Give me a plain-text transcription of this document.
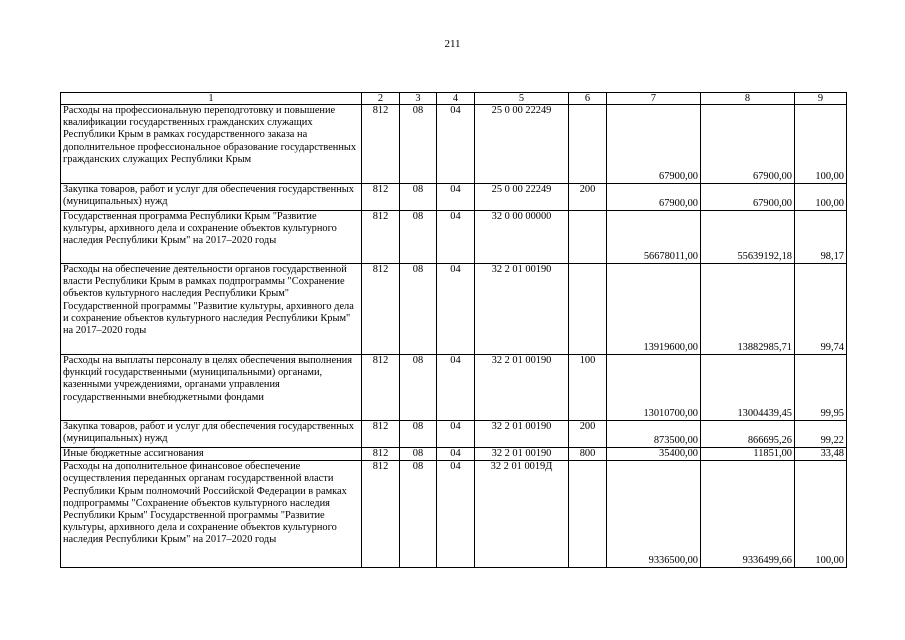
211
1	2	3	4	5	6	7	8	9
Расходы на профессиональную переподготовку и повышение квалификации государственных гражданских служащих Республики Крым в рамках государственного заказа на дополнительное профессиональное образование государственных гражданских служащих Республики Крым	812	08	04	25 0 00 22249		67900,00	67900,00	100,00
Закупка товаров, работ и услуг для обеспечения государственных (муниципальных) нужд	812	08	04	25 0 00 22249	200	67900,00	67900,00	100,00
Государственная программа Республики Крым "Развитие культуры, архивного дела и сохранение объектов культурного наследия Республики Крым" на 2017–2020 годы	812	08	04	32 0 00 00000		56678011,00	55639192,18	98,17
Расходы на обеспечение деятельности органов государственной власти Республики Крым в рамках подпрограммы "Сохранение объектов культурного наследия Республики Крым" Государственной программы "Развитие культуры, архивного дела и сохранение объектов культурного наследия Республики Крым" на 2017–2020 годы	812	08	04	32 2 01 00190		13919600,00	13882985,71	99,74
Расходы на выплаты персоналу в целях обеспечения выполнения функций государственными (муниципальными) органами, казенными учреждениями, органами управления государственными внебюджетными фондами	812	08	04	32 2 01 00190	100	13010700,00	13004439,45	99,95
Закупка товаров, работ и услуг для обеспечения государственных (муниципальных) нужд	812	08	04	32 2 01 00190	200	873500,00	866695,26	99,22
Иные бюджетные ассигнования	812	08	04	32 2 01 00190	800	35400,00	11851,00	33,48
Расходы на дополнительное финансовое обеспечение осуществления переданных органам государственной власти Республики Крым полномочий Российской Федерации в рамках подпрограммы "Сохранение объектов культурного наследия Республики Крым" Государственной программы "Развитие культуры, архивного дела и сохранение объектов культурного наследия Республики Крым" на 2017–2020 годы	812	08	04	32 2 01 0019Д		9336500,00	9336499,66	100,00
